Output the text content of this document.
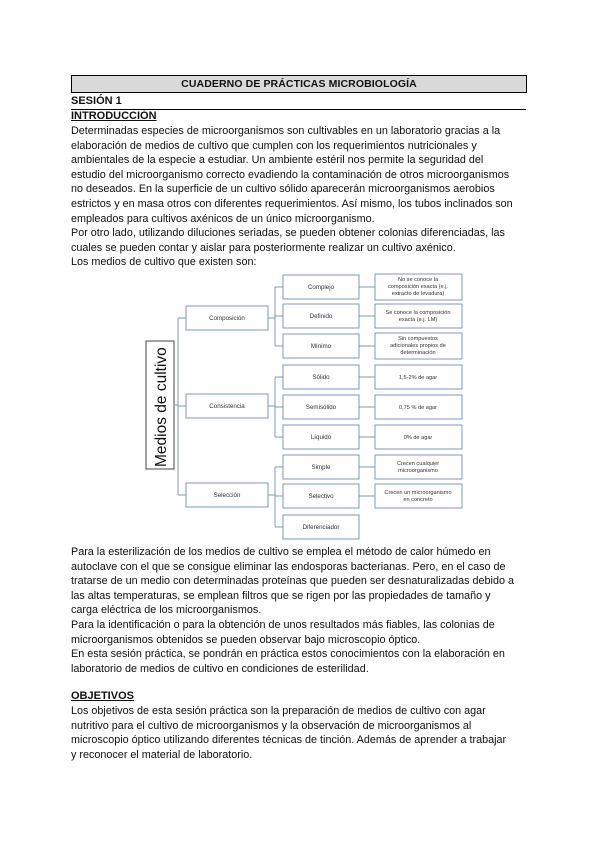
CUADERNO DE PRÁCTICAS MICROBIOLOGÍA
SESIÓN 1
INTRODUCCIÓN
Determinadas especies de microorganismos son cultivables en un laboratorio gracias a la
elaboración de medios de cultivo que cumplen con los requerimientos nutricionales y
ambientales de la especie a estudiar. Un ambiente estéril nos permite la seguridad del
estudio del microorganismo correcto evadiendo la contaminación de otros microorganismos
no deseados. En la superficie de un cultivo sólido aparecerán microorganismos aerobios
estrictos y en masa otros con diferentes requerimientos. Así mismo, los tubos inclinados son
empleados para cultivos axénicos de un único microorganismo.
Por otro lado, utilizando diluciones seriadas, se pueden obtener colonias diferenciadas, las
cuales se pueden contar y aislar para posteriormente realizar un cultivo axénico.
Los medios de cultivo que existen son:
Medios de cultivo
Composición
Consistencia
Selección
Complejo
Definido
Mínimo
Sólido
Semisólido
Líquido
Simple
Selectivo
Diferenciador
No se conoce la
composición exacta (e.j.
extracto de levadura)
Se conoce la composición
exacta (e.j. LM)
Sin compuestos
adicionales propios de
determinación
1,5-2% de agar
0,75 % de agar
0% de agar
Crecen cualquier
microorganismo
Crecen un microorganismo
en concreto
Para la esterilización de los medios de cultivo se emplea el método de calor húmedo en
autoclave con el que se consigue eliminar las endosporas bacterianas. Pero, en el caso de
tratarse de un medio con determinadas proteínas que pueden ser desnaturalizadas debido a
las altas temperaturas, se emplean filtros que se rigen por las propiedades de tamaño y
carga eléctrica de los microorganismos.
Para la identificación o para la obtención de unos resultados más fiables, las colonias de
microorganismos obtenidos se pueden observar bajo microscopio óptico.
En esta sesión práctica, se pondrán en práctica estos conocimientos con la elaboración en
laboratorio de medios de cultivo en condiciones de esterilidad.
OBJETIVOS
Los objetivos de esta sesión práctica son la preparación de medios de cultivo con agar
nutritivo para el cultivo de microorganismos y la observación de microorganismos al
microscopio óptico utilizando diferentes técnicas de tinción. Además de aprender a trabajar
y reconocer el material de laboratorio.
